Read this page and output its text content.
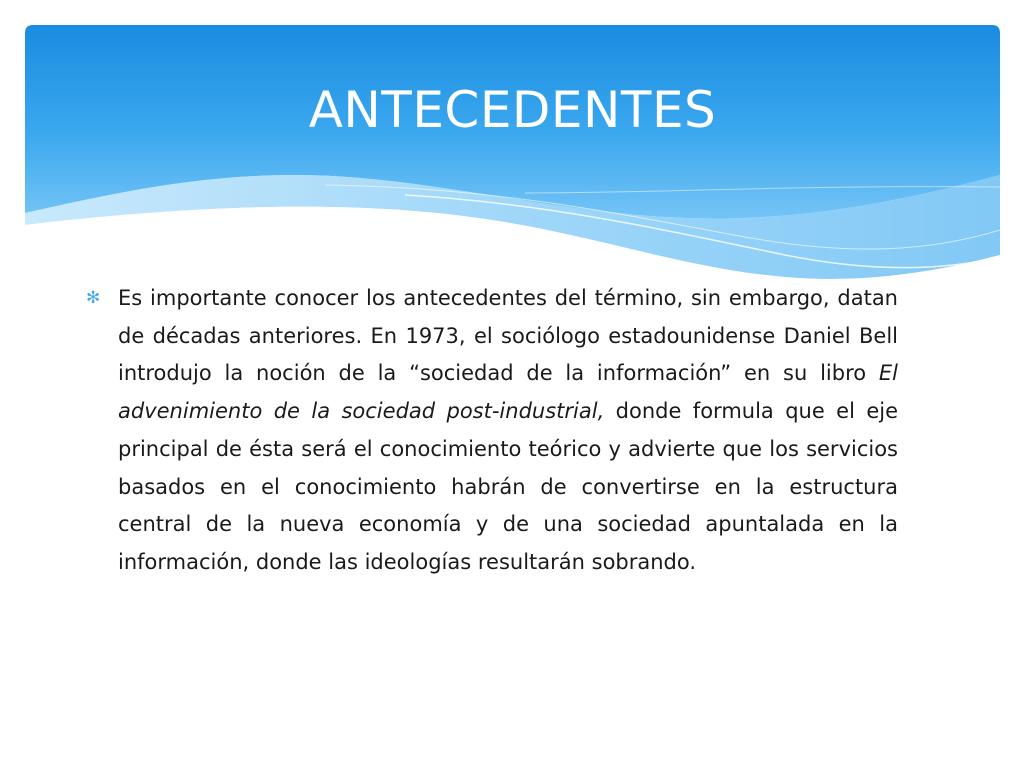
ANTECEDENTES
✻ Es importante conocer los antecedentes del término, sin embargo, datan de décadas anteriores. En 1973, el sociólogo estadounidense Daniel Bell introdujo la noción de la “sociedad de la información” en su libro El advenimiento de la sociedad post-industrial, donde formula que el eje principal de ésta será el conocimiento teórico y advierte que los servicios basados en el conocimiento habrán de convertirse en la estructura central de la nueva economía y de una sociedad apuntalada en la información, donde las ideologías resultarán sobrando.
